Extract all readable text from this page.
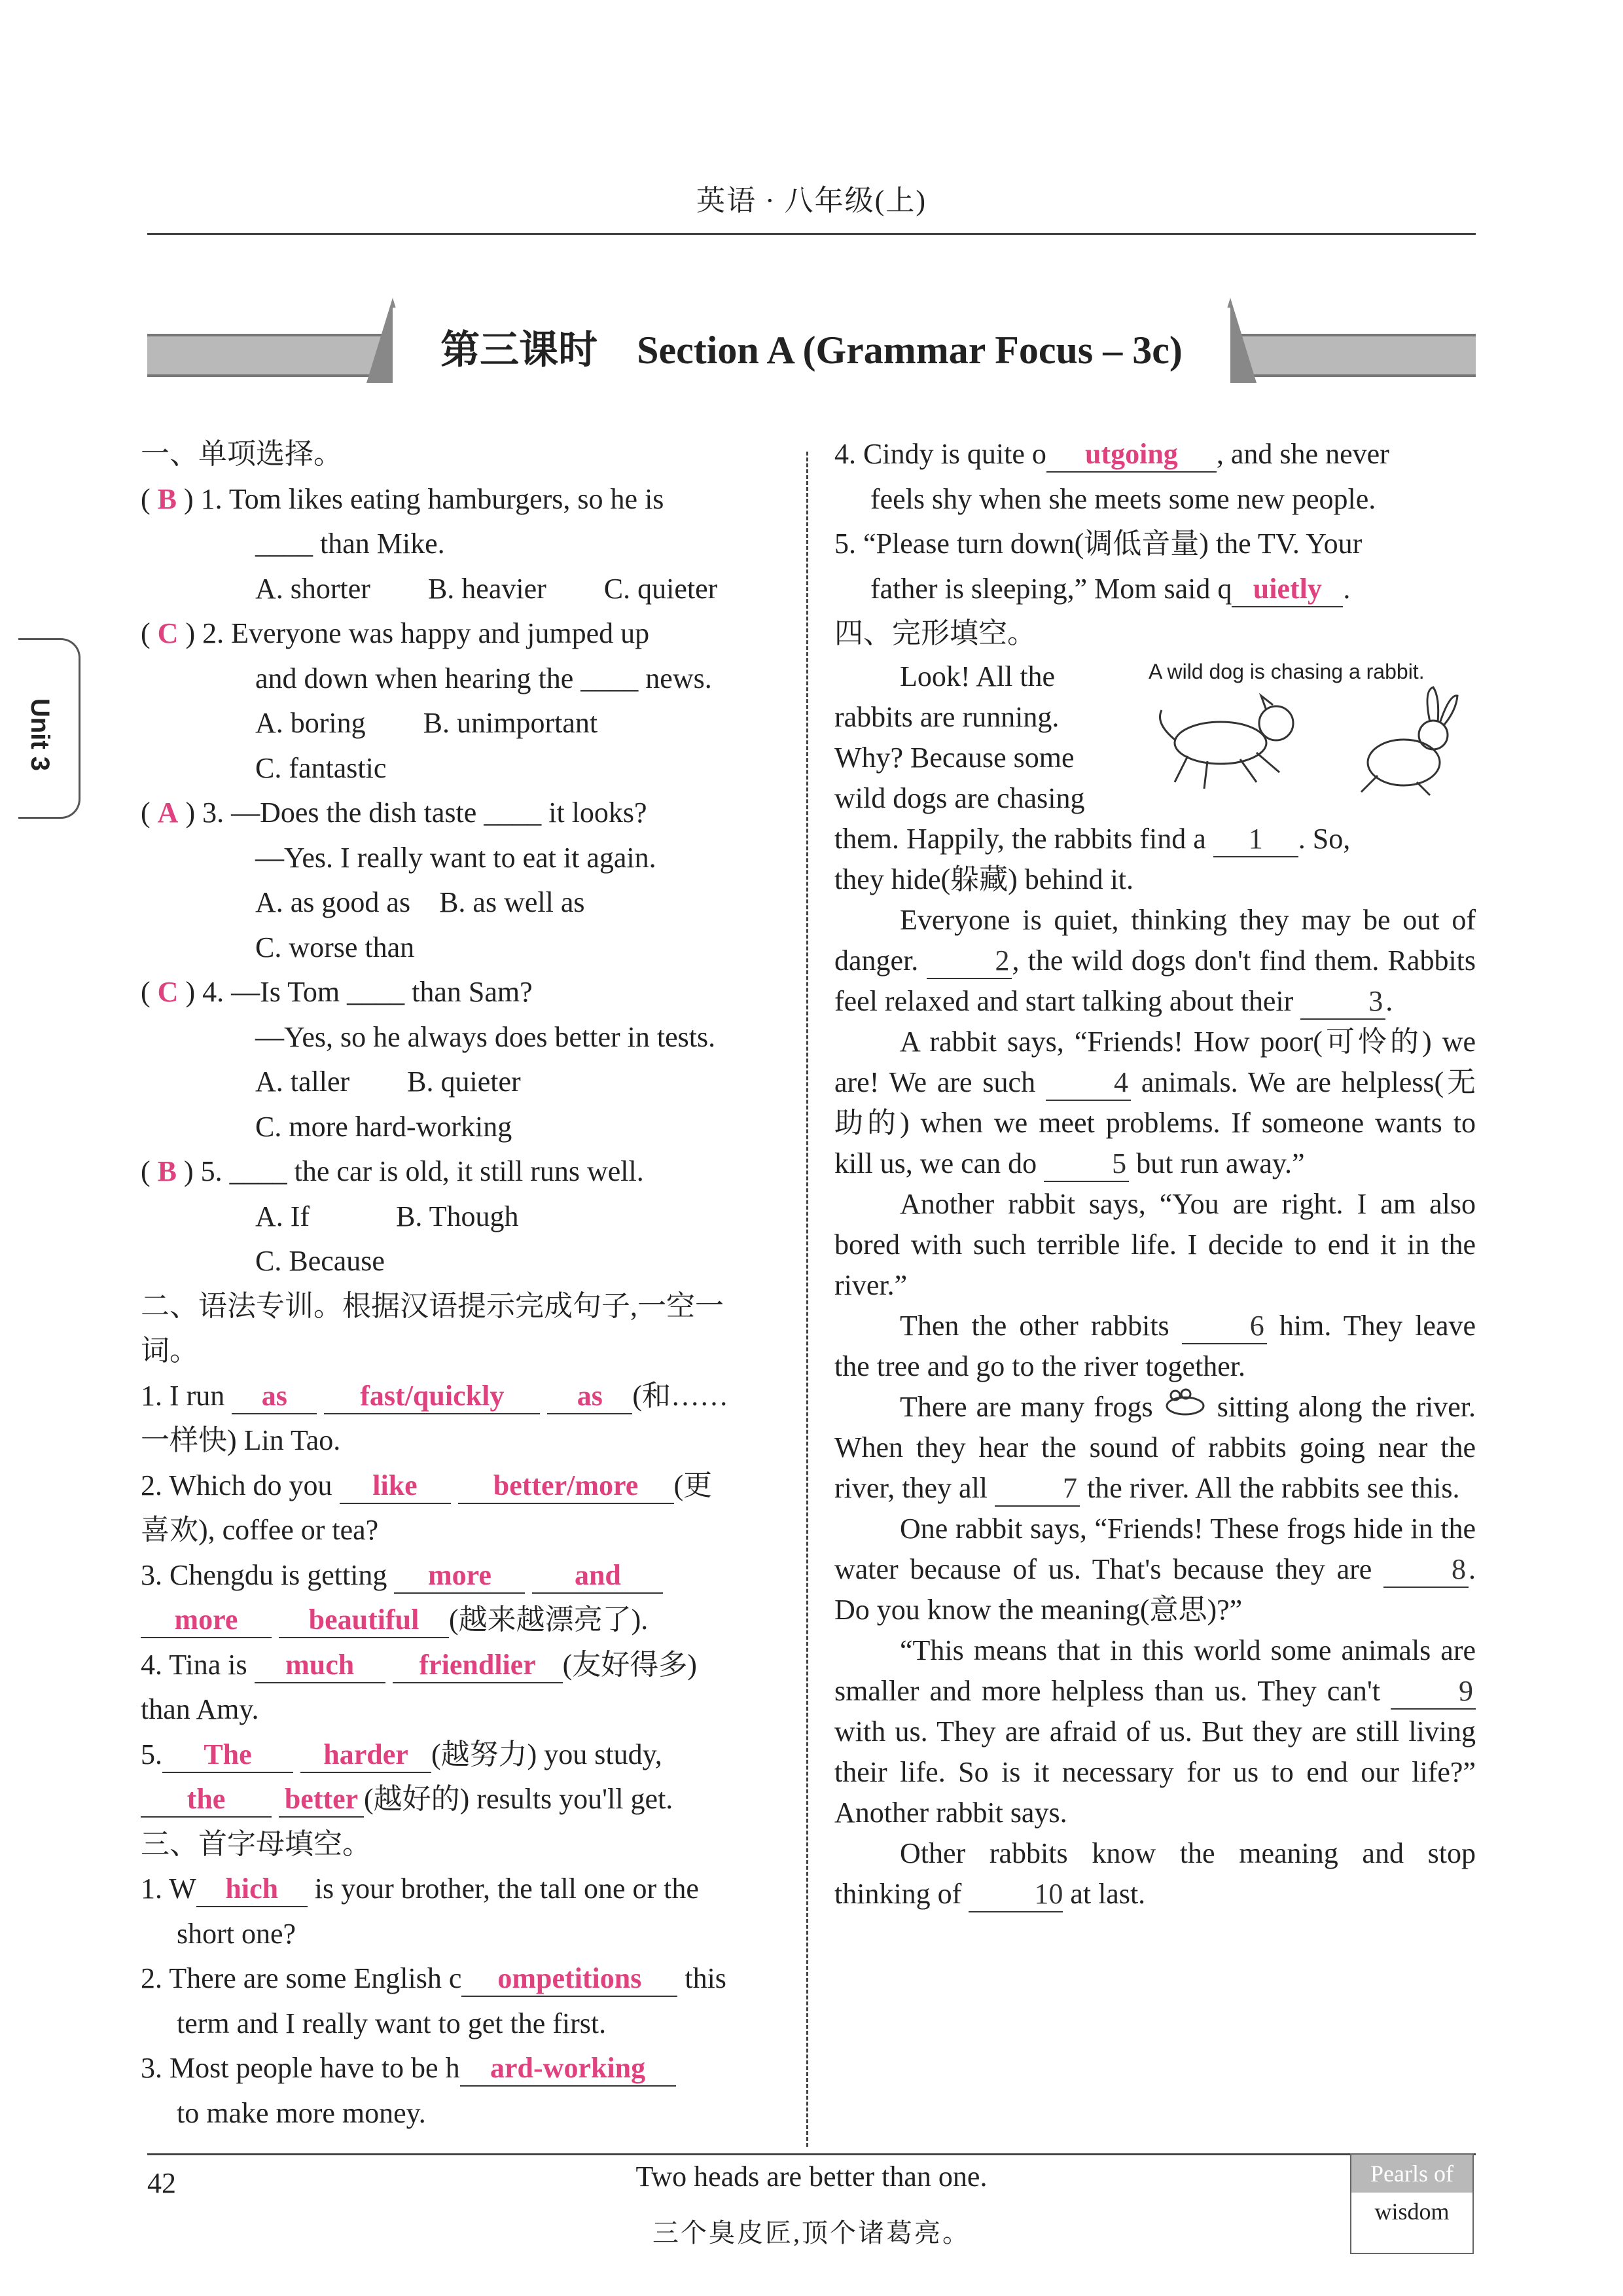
英语 · 八年级(上)
第三课时　Section A (Grammar Focus – 3c)
Unit 3
一、单项选择。
( B ) 1. Tom likes eating hamburgers, so he is
____ than Mike.
A. shorter　　B. heavier　　C. quieter
( C ) 2. Everyone was happy and jumped up
and down when hearing the ____ news.
A. boring　　B. unimportant
C. fantastic
( A ) 3. —Does the dish taste ____ it looks?
—Yes. I really want to eat it again.
A. as good as　B. as well as
C. worse than
( C ) 4. —Is Tom ____ than Sam?
—Yes, so he always does better in tests.
A. taller　　B. quieter
C. more hard-working
( B ) 5. ____ the car is old, it still runs well.
A. If　　　B. Though
C. Because
二、语法专训。根据汉语提示完成句子,一空一词。
1. I run as	fast/quickly	as (和……
一样快) Lin Tao.
2. Which do you like	better/more (更
喜欢), coffee or tea?
3. Chengdu is getting more	and
more beautiful (越来越漂亮了).
4. Tina is much friendlier (友好得多)
than Amy.
5. The harder (越努力) you study,
the better (越好的) results you'll get.
三、首字母填空。
1. W hich is your brother, the tall one or the
short one?
2. There are some English c ompetitions this
term and I really want to get the first.
3. Most people have to be h ard-working
to make more money.
4. Cindy is quite o utgoing , and she never
feels shy when she meets some new people.
5. “Please turn down(调低音量) the TV. Your
father is sleeping,” Mom said q uietly .
四、完形填空。
Look! All the
rabbits are running.
Why? Because some
wild dogs are chasing
them. Happily, the rabbits find a 1 . So,
they hide(躲藏) behind it.
Everyone is quiet, thinking they may be out of danger.	2, the wild dogs don't find them. Rabbits feel relaxed and start talking about their	3.
A rabbit says, “Friends! How poor(可怜的) we are! We are such	4 animals. We are helpless(无助的) when we meet problems. If someone wants to kill us, we can do	5 but run away.”
Another rabbit says, “You are right. I am also bored with such terrible life. I decide to end it in the river.”
Then the other rabbits	6 him. They leave the tree and go to the river together.
There are many frogs sitting along the river. When they hear the sound of rabbits going near the river, they all	7 the river. All the rabbits see this.
One rabbit says, “Friends! These frogs hide in the water because of us. That's because they are	8. Do you know the meaning(意思)?”
“This means that in this world some animals are smaller and more helpless than us. They can't	9 with us. They are afraid of us. But they are still living their life. So is it necessary for us to end our life?” Another rabbit says.
Other rabbits know the meaning and stop thinking of	10 at last.
A wild dog is chasing a rabbit.
42	Two heads are better than one.
三个臭皮匠,顶个诸葛亮。
Pearls of
wisdom
